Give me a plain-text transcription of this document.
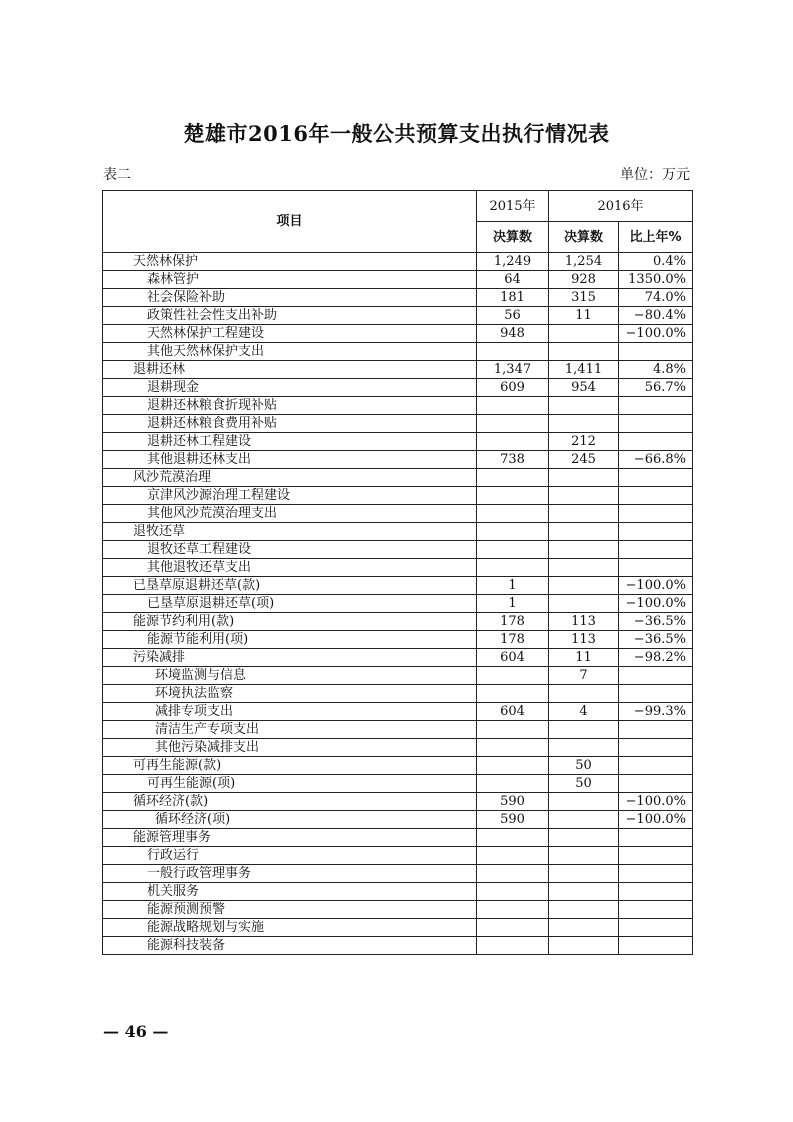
楚雄市2016年一般公共预算支出执行情况表
表二	单位：万元
项目	2015年	2016年	
	决算数	决算数	比上年%
天然林保护	1,249	1,254	0.4%
森林管护	64	928	1350.0%
社会保险补助	181	315	74.0%
政策性社会性支出补助	56	11	−80.4%
天然林保护工程建设	948		−100.0%
其他天然林保护支出			
退耕还林	1,347	1,411	4.8%
退耕现金	609	954	56.7%
退耕还林粮食折现补贴			
退耕还林粮食费用补贴			
退耕还林工程建设		212	
其他退耕还林支出	738	245	−66.8%
风沙荒漠治理			
京津风沙源治理工程建设			
其他风沙荒漠治理支出			
退牧还草			
退牧还草工程建设			
其他退牧还草支出			
已垦草原退耕还草(款)	1		−100.0%
已垦草原退耕还草(项)	1		−100.0%
能源节约利用(款)	178	113	−36.5%
能源节能利用(项)	178	113	−36.5%
污染减排	604	11	−98.2%
环境监测与信息		7	
环境执法监察			
减排专项支出	604	4	−99.3%
清洁生产专项支出			
其他污染减排支出			
可再生能源(款)		50	
可再生能源(项)		50	
循环经济(款)	590		−100.0%
循环经济(项)	590		−100.0%
能源管理事务			
行政运行			
一般行政管理事务			
机关服务			
能源预测预警			
能源战略规划与实施			
能源科技装备			
— 46 —
